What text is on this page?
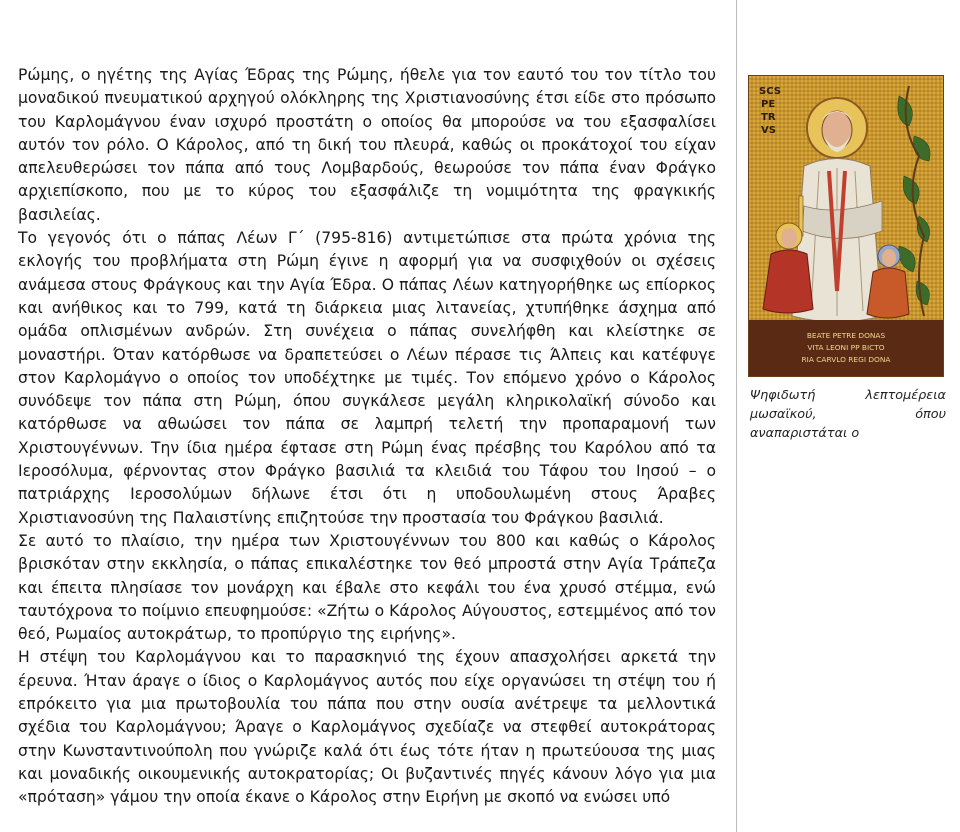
Ρώμης, ο ηγέτης της Αγίας Έδρας της Ρώμης, ήθελε για τον εαυτό του τον τίτλο του μοναδικού πνευματικού αρχηγού ολόκληρης της Χριστιανοσύνης έτσι είδε στο πρόσωπο του Καρλομάγνου έναν ισχυρό προστάτη ο οποίος θα μπορούσε να του εξασφαλίσει αυτόν τον ρόλο. Ο Κάρολος, από τη δική του πλευρά, καθώς οι προκάτοχοί του είχαν απελευθερώσει τον πάπα από τους Λομβαρδούς, θεωρούσε τον πάπα έναν Φράγκο αρχιεπίσκοπο, που με το κύρος του εξασφάλιζε τη νομιμότητα της φραγκικής βασιλείας.

Το γεγονός ότι ο πάπας Λέων Γ΄ (795-816) αντιμετώπισε στα πρώτα χρόνια της εκλογής του προβλήματα στη Ρώμη έγινε η αφορμή για να συσφιχθούν οι σχέσεις ανάμεσα στους Φράγκους και την Αγία Έδρα. Ο πάπας Λέων κατηγορήθηκε ως επίορκος και ανήθικος και το 799, κατά τη διάρκεια μιας λιτανείας, χτυπήθηκε άσχημα από ομάδα οπλισμένων ανδρών. Στη συνέχεια ο πάπας συνελήφθη και κλείστηκε σε μοναστήρι. Όταν κατόρθωσε να δραπετεύσει ο Λέων πέρασε τις Άλπεις και κατέφυγε στον Καρλομάγνο ο οποίος τον υποδέχτηκε με τιμές. Τον επόμενο χρόνο ο Κάρολος συνόδεψε τον πάπα στη Ρώμη, όπου συγκάλεσε μεγάλη κληρικολαϊκή σύνοδο και κατόρθωσε να αθωώσει τον πάπα σε λαμπρή τελετή την προπαραμονή των Χριστουγέννων. Την ίδια ημέρα έφτασε στη Ρώμη ένας πρέσβης του Καρόλου από τα Ιεροσόλυμα, φέρνοντας στον Φράγκο βασιλιά τα κλειδιά του Τάφου του Ιησού – ο πατριάρχης Ιεροσολύμων δήλωνε έτσι ότι η υποδουλωμένη στους Άραβες Χριστιανοσύνη της Παλαιστίνης επιζητούσε την προστασία του Φράγκου βασιλιά.

Σε αυτό το πλαίσιο, την ημέρα των Χριστουγέννων του 800 και καθώς ο Κάρολος βρισκόταν στην εκκλησία, ο πάπας επικαλέστηκε τον θεό μπροστά στην Αγία Τράπεζα και έπειτα πλησίασε τον μονάρχη και έβαλε στο κεφάλι του ένα χρυσό στέμμα, ενώ ταυτόχρονα το ποίμνιο επευφημούσε: «Ζήτω ο Κάρολος Αύγουστος, εστεμμένος από τον θεό, Ρωμαίος αυτοκράτωρ, το προπύργιο της ειρήνης».

Η στέψη του Καρλομάγνου και το παρασκηνιό της έχουν απασχολήσει αρκετά την έρευνα. Ήταν άραγε ο ίδιος ο Καρλομάγνος αυτός που είχε οργανώσει τη στέψη του ή επρόκειτο για μια πρωτοβουλία του πάπα που στην ουσία ανέτρεψε τα μελλοντικά σχέδια του Καρλομάγνου; Άραγε ο Καρλομάγνος σχεδίαζε να στεφθεί αυτοκράτορας στην Κωνσταντινούπολη που γνώριζε καλά ότι έως τότε ήταν η πρωτεύουσα της μιας και μοναδικής οικουμενικής αυτοκρατορίας; Οι βυζαντινές πηγές κάνουν λόγο για μια «πρόταση» γάμου την οποία έκανε ο Κάρολος στην Ειρήνη με σκοπό να ενώσει υπό

SCS
PE
TR
VS
BEATE PETRE DONAS
VITA LEONI PP BICTO
RIA CARVLO REGI DONA
Ψηφιδωτή λεπτομέρεια μωσαϊκού, όπου αναπαριστάται ο
